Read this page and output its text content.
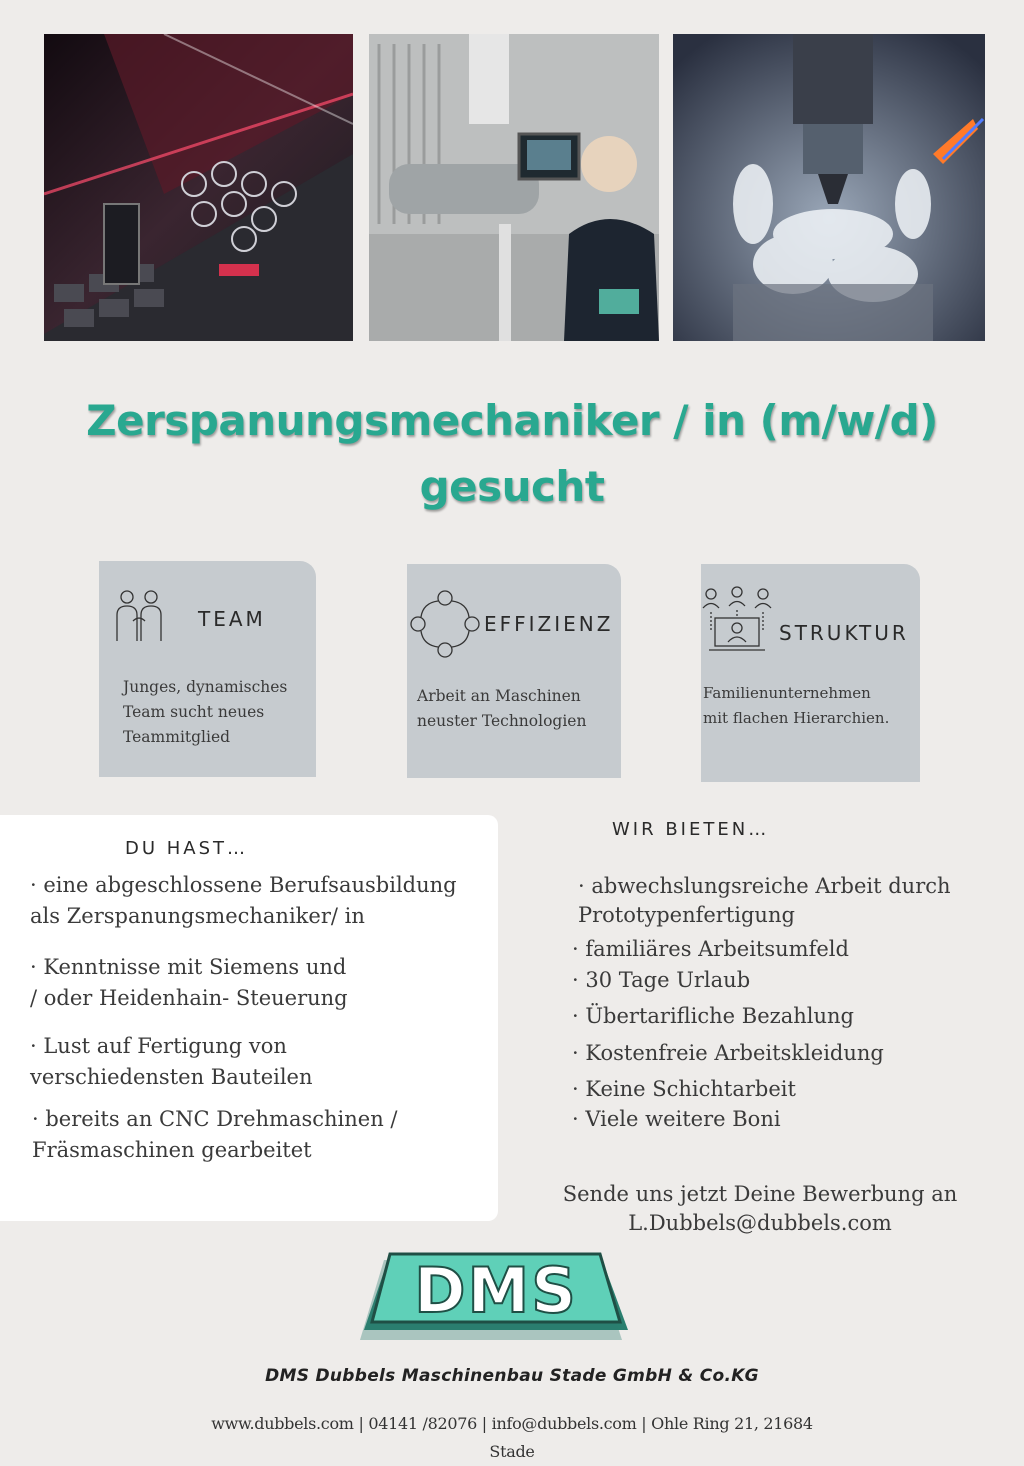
Zerspanungsmechaniker / in (m/w/d)
gesucht
TEAM
Junges, dynamisches
Team sucht neues
Teammitglied
EFFIZIENZ
Arbeit an Maschinen
neuster Technologien
STRUKTUR
Familienunternehmen
mit flachen Hierarchien.
DU HAST…
· eine abgeschlossene Berufsausbildung
als Zerspanungsmechaniker/ in
· Kenntnisse mit Siemens und
/ oder Heidenhain- Steuerung
· Lust auf Fertigung von
verschiedensten Bauteilen
· bereits an CNC Drehmaschinen /
Fräsmaschinen gearbeitet
WIR BIETEN…
· abwechslungsreiche Arbeit durch
Prototypenfertigung
· familiäres Arbeitsumfeld
· 30 Tage Urlaub
· Übertarifliche Bezahlung
· Kostenfreie Arbeitskleidung
· Keine Schichtarbeit
· Viele weitere Boni
Sende uns jetzt Deine Bewerbung an
L.Dubbels@dubbels.com
DMS
DMS Dubbels Maschinenbau Stade GmbH & Co.KG
www.dubbels.com | 04141 /82076 | info@dubbels.com | Ohle Ring 21, 21684
Stade
